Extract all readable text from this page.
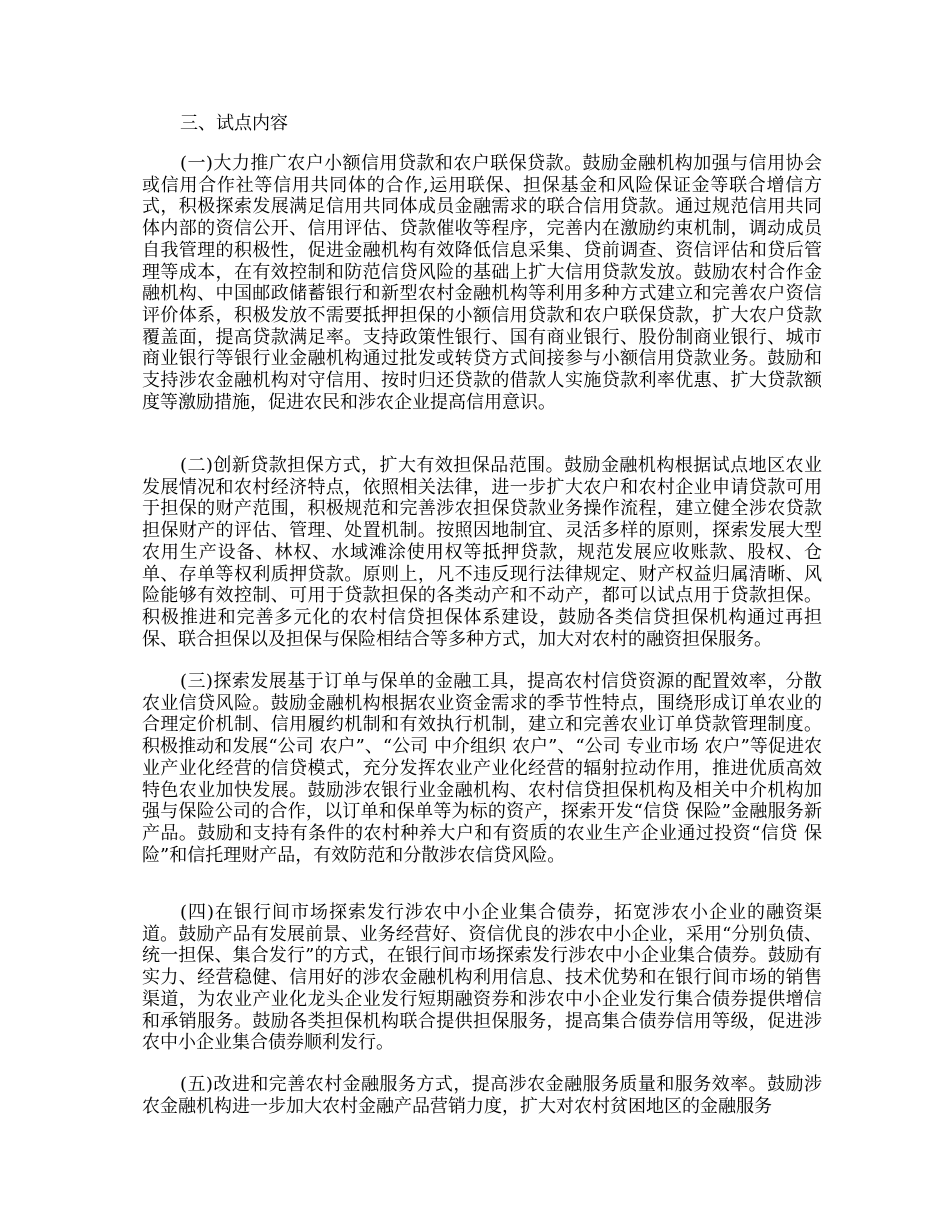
三、试点内容

(一)大力推广农户小额信用贷款和农户联保贷款。鼓励金融机构加强与信用协会或信用合作社等信用共同体的合作,运用联保、担保基金和风险保证金等联合增信方式，积极探索发展满足信用共同体成员金融需求的联合信用贷款。通过规范信用共同体内部的资信公开、信用评估、贷款催收等程序，完善内在激励约束机制，调动成员自我管理的积极性，促进金融机构有效降低信息采集、贷前调查、资信评估和贷后管理等成本，在有效控制和防范信贷风险的基础上扩大信用贷款发放。鼓励农村合作金融机构、中国邮政储蓄银行和新型农村金融机构等利用多种方式建立和完善农户资信评价体系，积极发放不需要抵押担保的小额信用贷款和农户联保贷款，扩大农户贷款覆盖面，提高贷款满足率。支持政策性银行、国有商业银行、股份制商业银行、城市商业银行等银行业金融机构通过批发或转贷方式间接参与小额信用贷款业务。鼓励和支持涉农金融机构对守信用、按时归还贷款的借款人实施贷款利率优惠、扩大贷款额度等激励措施，促进农民和涉农企业提高信用意识。

(二)创新贷款担保方式，扩大有效担保品范围。鼓励金融机构根据试点地区农业发展情况和农村经济特点，依照相关法律，进一步扩大农户和农村企业申请贷款可用于担保的财产范围，积极规范和完善涉农担保贷款业务操作流程，建立健全涉农贷款担保财产的评估、管理、处置机制。按照因地制宜、灵活多样的原则，探索发展大型农用生产设备、林权、水域滩涂使用权等抵押贷款，规范发展应收账款、股权、仓单、存单等权利质押贷款。原则上，凡不违反现行法律规定、财产权益归属清晰、风险能够有效控制、可用于贷款担保的各类动产和不动产，都可以试点用于贷款担保。积极推进和完善多元化的农村信贷担保体系建设，鼓励各类信贷担保机构通过再担保、联合担保以及担保与保险相结合等多种方式，加大对农村的融资担保服务。

(三)探索发展基于订单与保单的金融工具，提高农村信贷资源的配置效率，分散农业信贷风险。鼓励金融机构根据农业资金需求的季节性特点，围绕形成订单农业的合理定价机制、信用履约机制和有效执行机制，建立和完善农业订单贷款管理制度。积极推动和发展“公司 农户”、“公司 中介组织 农户”、“公司 专业市场 农户”等促进农业产业化经营的信贷模式，充分发挥农业产业化经营的辐射拉动作用，推进优质高效特色农业加快发展。鼓励涉农银行业金融机构、农村信贷担保机构及相关中介机构加强与保险公司的合作，以订单和保单等为标的资产，探索开发“信贷 保险”金融服务新产品。鼓励和支持有条件的农村种养大户和有资质的农业生产企业通过投资“信贷 保险”和信托理财产品，有效防范和分散涉农信贷风险。

(四)在银行间市场探索发行涉农中小企业集合债券，拓宽涉农小企业的融资渠道。鼓励产品有发展前景、业务经营好、资信优良的涉农中小企业，采用“分别负债、统一担保、集合发行”的方式，在银行间市场探索发行涉农中小企业集合债券。鼓励有实力、经营稳健、信用好的涉农金融机构利用信息、技术优势和在银行间市场的销售渠道，为农业产业化龙头企业发行短期融资券和涉农中小企业发行集合债券提供增信和承销服务。鼓励各类担保机构联合提供担保服务，提高集合债券信用等级，促进涉农中小企业集合债券顺利发行。

(五)改进和完善农村金融服务方式，提高涉农金融服务质量和服务效率。鼓励涉农金融机构进一步加大农村金融产品营销力度，扩大对农村贫困地区的金融服务
